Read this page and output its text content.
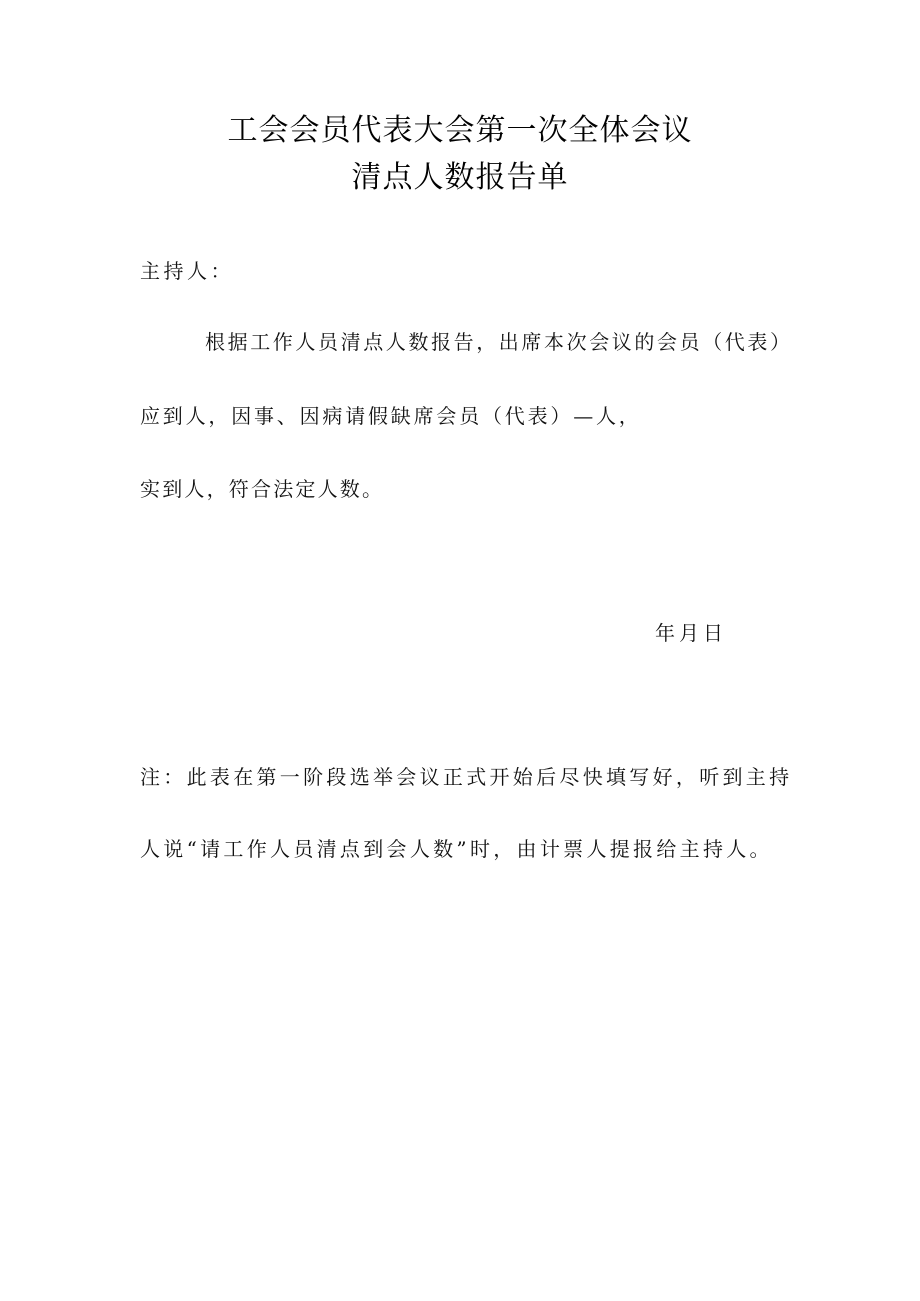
工会会员代表大会第一次全体会议
清点人数报告单
主持人：
根据工作人员清点人数报告，出席本次会议的会员（代表）
应到人，因事、因病请假缺席会员（代表）—人，
实到人，符合法定人数。
年月日
注：此表在第一阶段选举会议正式开始后尽快填写好，听到主持
人说“请工作人员清点到会人数”时，由计票人提报给主持人。
